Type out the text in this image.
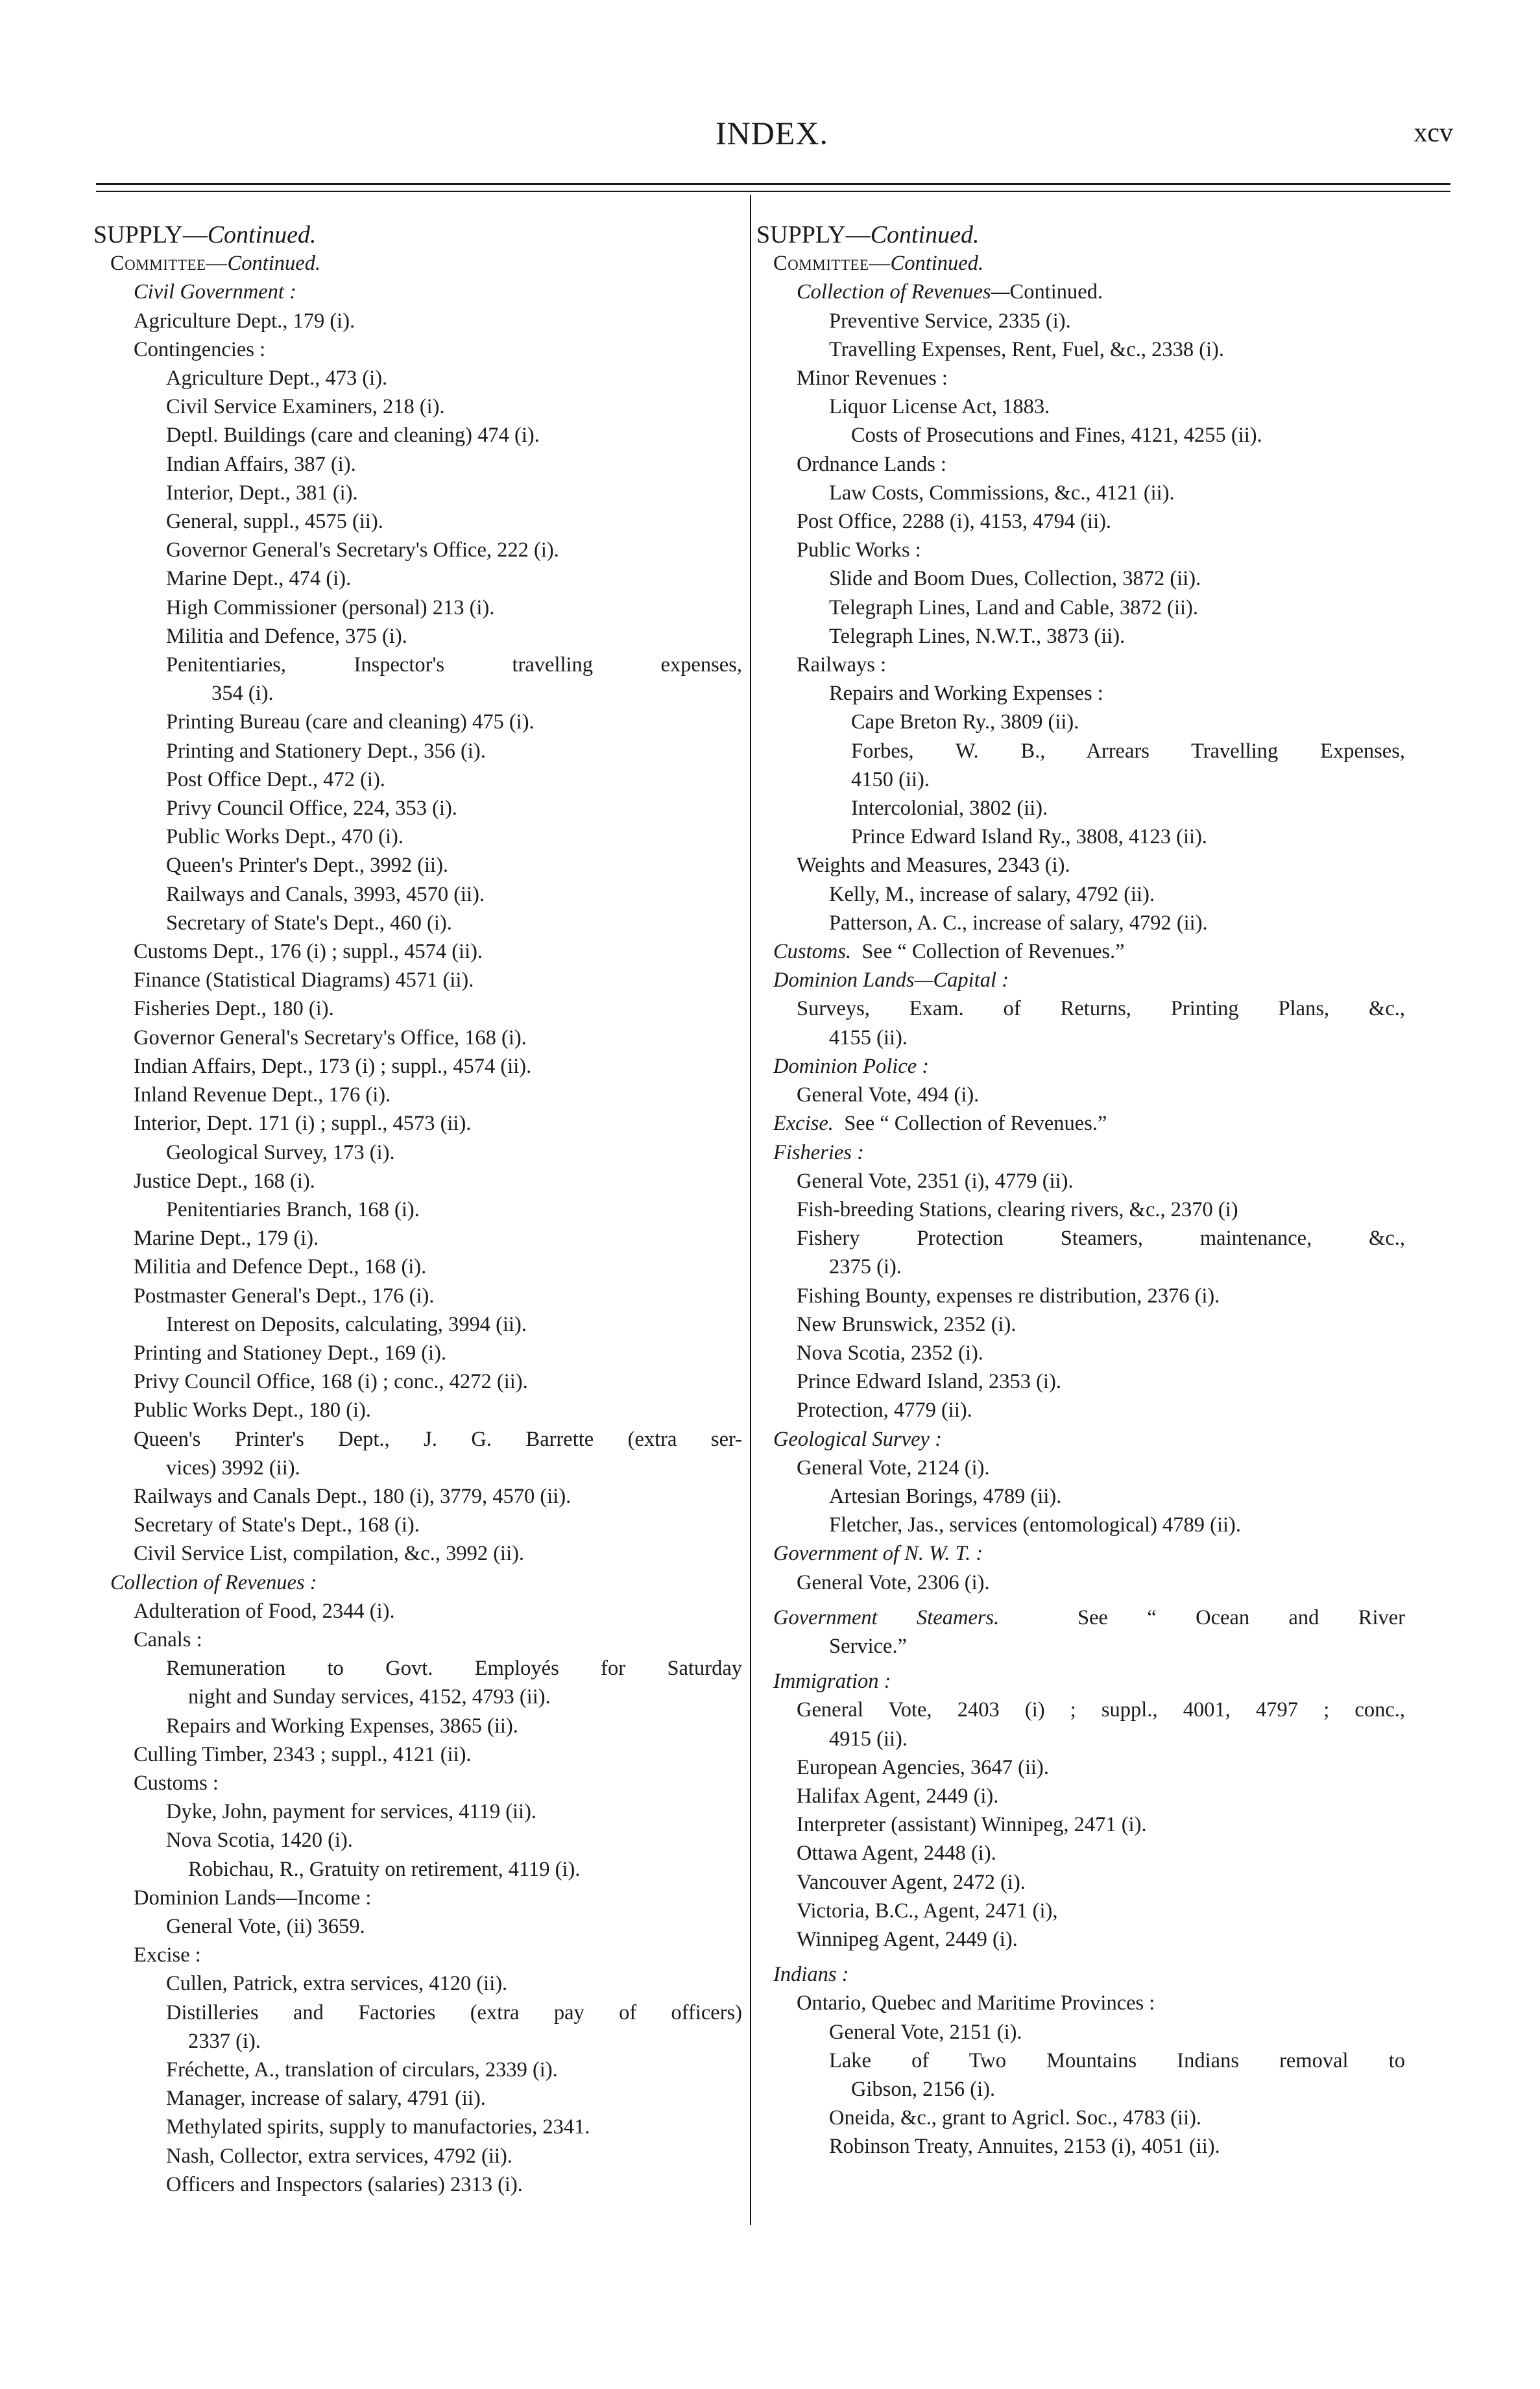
INDEX.	xcv
SUPPLY—Continued.
Committee—Continued.
Civil Government :
Agriculture Dept., 179 (i).
Contingencies :
Agriculture Dept., 473 (i).
Civil Service Examiners, 218 (i).
Deptl. Buildings (care and cleaning) 474 (i).
Indian Affairs, 387 (i).
Interior, Dept., 381 (i).
General, suppl., 4575 (ii).
Governor General's Secretary's Office, 222 (i).
Marine Dept., 474 (i).
High Commissioner (personal) 213 (i).
Militia and Defence, 375 (i).
Penitentiaries, Inspector's travelling expenses,
354 (i).
Printing Bureau (care and cleaning) 475 (i).
Printing and Stationery Dept., 356 (i).
Post Office Dept., 472 (i).
Privy Council Office, 224, 353 (i).
Public Works Dept., 470 (i).
Queen's Printer's Dept., 3992 (ii).
Railways and Canals, 3993, 4570 (ii).
Secretary of State's Dept., 460 (i).
Customs Dept., 176 (i) ; suppl., 4574 (ii).
Finance (Statistical Diagrams) 4571 (ii).
Fisheries Dept., 180 (i).
Governor General's Secretary's Office, 168 (i).
Indian Affairs, Dept., 173 (i) ; suppl., 4574 (ii).
Inland Revenue Dept., 176 (i).
Interior, Dept. 171 (i) ; suppl., 4573 (ii).
Geological Survey, 173 (i).
Justice Dept., 168 (i).
Penitentiaries Branch, 168 (i).
Marine Dept., 179 (i).
Militia and Defence Dept., 168 (i).
Postmaster General's Dept., 176 (i).
Interest on Deposits, calculating, 3994 (ii).
Printing and Stationey Dept., 169 (i).
Privy Council Office, 168 (i) ; conc., 4272 (ii).
Public Works Dept., 180 (i).
Queen's Printer's Dept., J. G. Barrette (extra ser-
vices) 3992 (ii).
Railways and Canals Dept., 180 (i), 3779, 4570 (ii).
Secretary of State's Dept., 168 (i).
Civil Service List, compilation, &c., 3992 (ii).
Collection of Revenues :
Adulteration of Food, 2344 (i).
Canals :
Remuneration to Govt. Employés for Saturday
night and Sunday services, 4152, 4793 (ii).
Repairs and Working Expenses, 3865 (ii).
Culling Timber, 2343 ; suppl., 4121 (ii).
Customs :
Dyke, John, payment for services, 4119 (ii).
Nova Scotia, 1420 (i).
Robichau, R., Gratuity on retirement, 4119 (i).
Dominion Lands—Income :
General Vote, (ii) 3659.
Excise :
Cullen, Patrick, extra services, 4120 (ii).
Distilleries and Factories (extra pay of officers)
2337 (i).
Fréchette, A., translation of circulars, 2339 (i).
Manager, increase of salary, 4791 (ii).
Methylated spirits, supply to manufactories, 2341.
Nash, Collector, extra services, 4792 (ii).
Officers and Inspectors (salaries) 2313 (i).
SUPPLY—Continued.
Committee—Continued.
Collection of Revenues—Continued.
Preventive Service, 2335 (i).
Travelling Expenses, Rent, Fuel, &c., 2338 (i).
Minor Revenues :
Liquor License Act, 1883.
Costs of Prosecutions and Fines, 4121, 4255 (ii).
Ordnance Lands :
Law Costs, Commissions, &c., 4121 (ii).
Post Office, 2288 (i), 4153, 4794 (ii).
Public Works :
Slide and Boom Dues, Collection, 3872 (ii).
Telegraph Lines, Land and Cable, 3872 (ii).
Telegraph Lines, N.W.T., 3873 (ii).
Railways :
Repairs and Working Expenses :
Cape Breton Ry., 3809 (ii).
Forbes, W. B., Arrears Travelling Expenses,
4150 (ii).
Intercolonial, 3802 (ii).
Prince Edward Island Ry., 3808, 4123 (ii).
Weights and Measures, 2343 (i).
Kelly, M., increase of salary, 4792 (ii).
Patterson, A. C., increase of salary, 4792 (ii).
Customs.  See “ Collection of Revenues.”
Dominion Lands—Capital :
Surveys, Exam. of Returns, Printing Plans, &c.,
4155 (ii).
Dominion Police :
General Vote, 494 (i).
Excise.  See “ Collection of Revenues.”
Fisheries :
General Vote, 2351 (i), 4779 (ii).
Fish-breeding Stations, clearing rivers, &c., 2370 (i)
Fishery Protection Steamers, maintenance, &c.,
2375 (i).
Fishing Bounty, expenses re distribution, 2376 (i).
New Brunswick, 2352 (i).
Nova Scotia, 2352 (i).
Prince Edward Island, 2353 (i).
Protection, 4779 (ii).
Geological Survey :
General Vote, 2124 (i).
Artesian Borings, 4789 (ii).
Fletcher, Jas., services (entomological) 4789 (ii).
Government of N. W. T. :
General Vote, 2306 (i).
Government Steamers.  See “ Ocean and River
Service.”
Immigration :
General Vote, 2403 (i) ; suppl., 4001, 4797 ; conc.,
4915 (ii).
European Agencies, 3647 (ii).
Halifax Agent, 2449 (i).
Interpreter (assistant) Winnipeg, 2471 (i).
Ottawa Agent, 2448 (i).
Vancouver Agent, 2472 (i).
Victoria, B.C., Agent, 2471 (i),
Winnipeg Agent, 2449 (i).
Indians :
Ontario, Quebec and Maritime Provinces :
General Vote, 2151 (i).
Lake of Two Mountains Indians removal to
Gibson, 2156 (i).
Oneida, &c., grant to Agricl. Soc., 4783 (ii).
Robinson Treaty, Annuites, 2153 (i), 4051 (ii).
